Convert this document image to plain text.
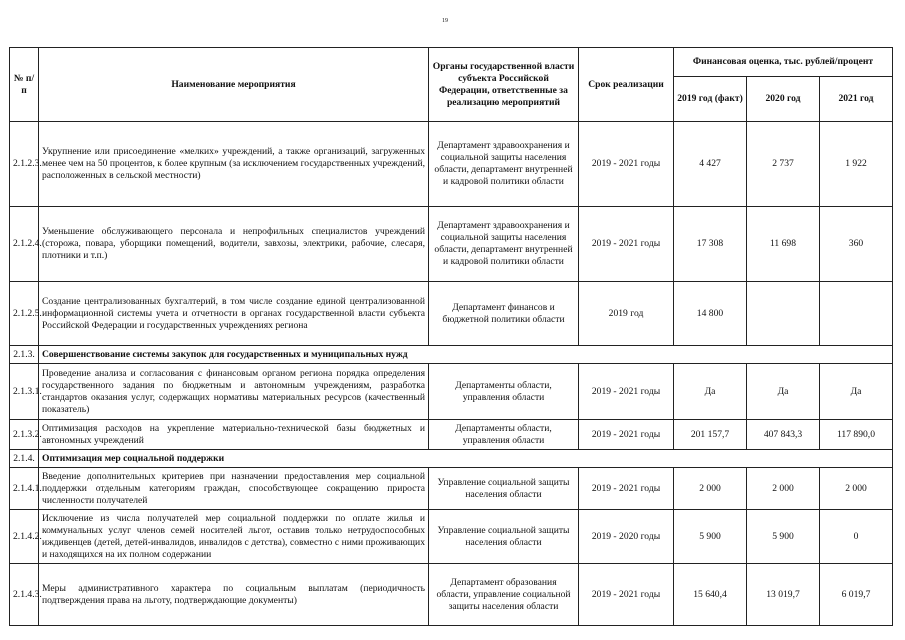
19
№ п/п	Наименование мероприятия	Органы государственной власти субъекта Российской Федерации, ответственные за реализацию мероприятий	Срок реализации	Финансовая оценка, тыс. рублей/процент		
				2019 год (факт)	2020 год	2021 год
2.1.2.3.	Укрупнение или присоединение «мелких» учреждений, а также организаций, загруженных менее чем на 50 процентов, к более крупным (за исключением государственных учреждений, расположенных в сельской местности)	Департамент здравоохранения и социальной защиты населения области, департамент внутренней и кадровой политики области	2019 - 2021 годы	4 427	2 737	1 922
2.1.2.4.	Уменьшение обслуживающего персонала и непрофильных специалистов учреждений (сторожа, повара, уборщики помещений, водители, завхозы, электрики, рабочие, слесаря, плотники и т.п.)	Департамент здравоохранения и социальной защиты населения области, департамент внутренней и кадровой политики области	2019 - 2021 годы	17 308	11 698	360
2.1.2.5.	Создание централизованных бухгалтерий, в том числе создание единой централизованной информационной системы учета и отчетности в органах государственной власти субъекта Российской Федерации и государственных учреждениях региона	Департамент финансов и бюджетной политики области	2019 год	14 800		
2.1.3.	Совершенствование системы закупок для государственных и муниципальных нужд					
2.1.3.1.	Проведение анализа и согласования с финансовым органом региона порядка определения государственного задания по бюджетным и автономным учреждениям, разработка стандартов оказания услуг, содержащих нормативы материальных ресурсов (качественный показатель)	Департаменты области, управления области	2019 - 2021 годы	Да	Да	Да
2.1.3.2.	Оптимизация расходов на укрепление материально-технической базы бюджетных и автономных учреждений	Департаменты области, управления области	2019 - 2021 годы	201 157,7	407 843,3	117 890,0
2.1.4.	Оптимизация мер социальной поддержки					
2.1.4.1.	Введение дополнительных критериев при назначении предоставления мер социальной поддержки отдельным категориям граждан, способствующее сокращению прироста численности получателей	Управление социальной защиты населения области	2019 - 2021 годы	2 000	2 000	2 000
2.1.4.2.	Исключение из числа получателей мер социальной поддержки по оплате жилья и коммунальных услуг членов семей носителей льгот, оставив только нетрудоспособных иждивенцев (детей, детей-инвалидов, инвалидов с детства), совместно с ними проживающих и находящихся на их полном содержании	Управление социальной защиты населения области	2019 - 2020 годы	5 900	5 900	0
2.1.4.3.	Меры административного характера по социальным выплатам (периодичность подтверждения права на льготу, подтверждающие документы)	Департамент образования области, управление социальной защиты населения области	2019 - 2021 годы	15 640,4	13 019,7	6 019,7
